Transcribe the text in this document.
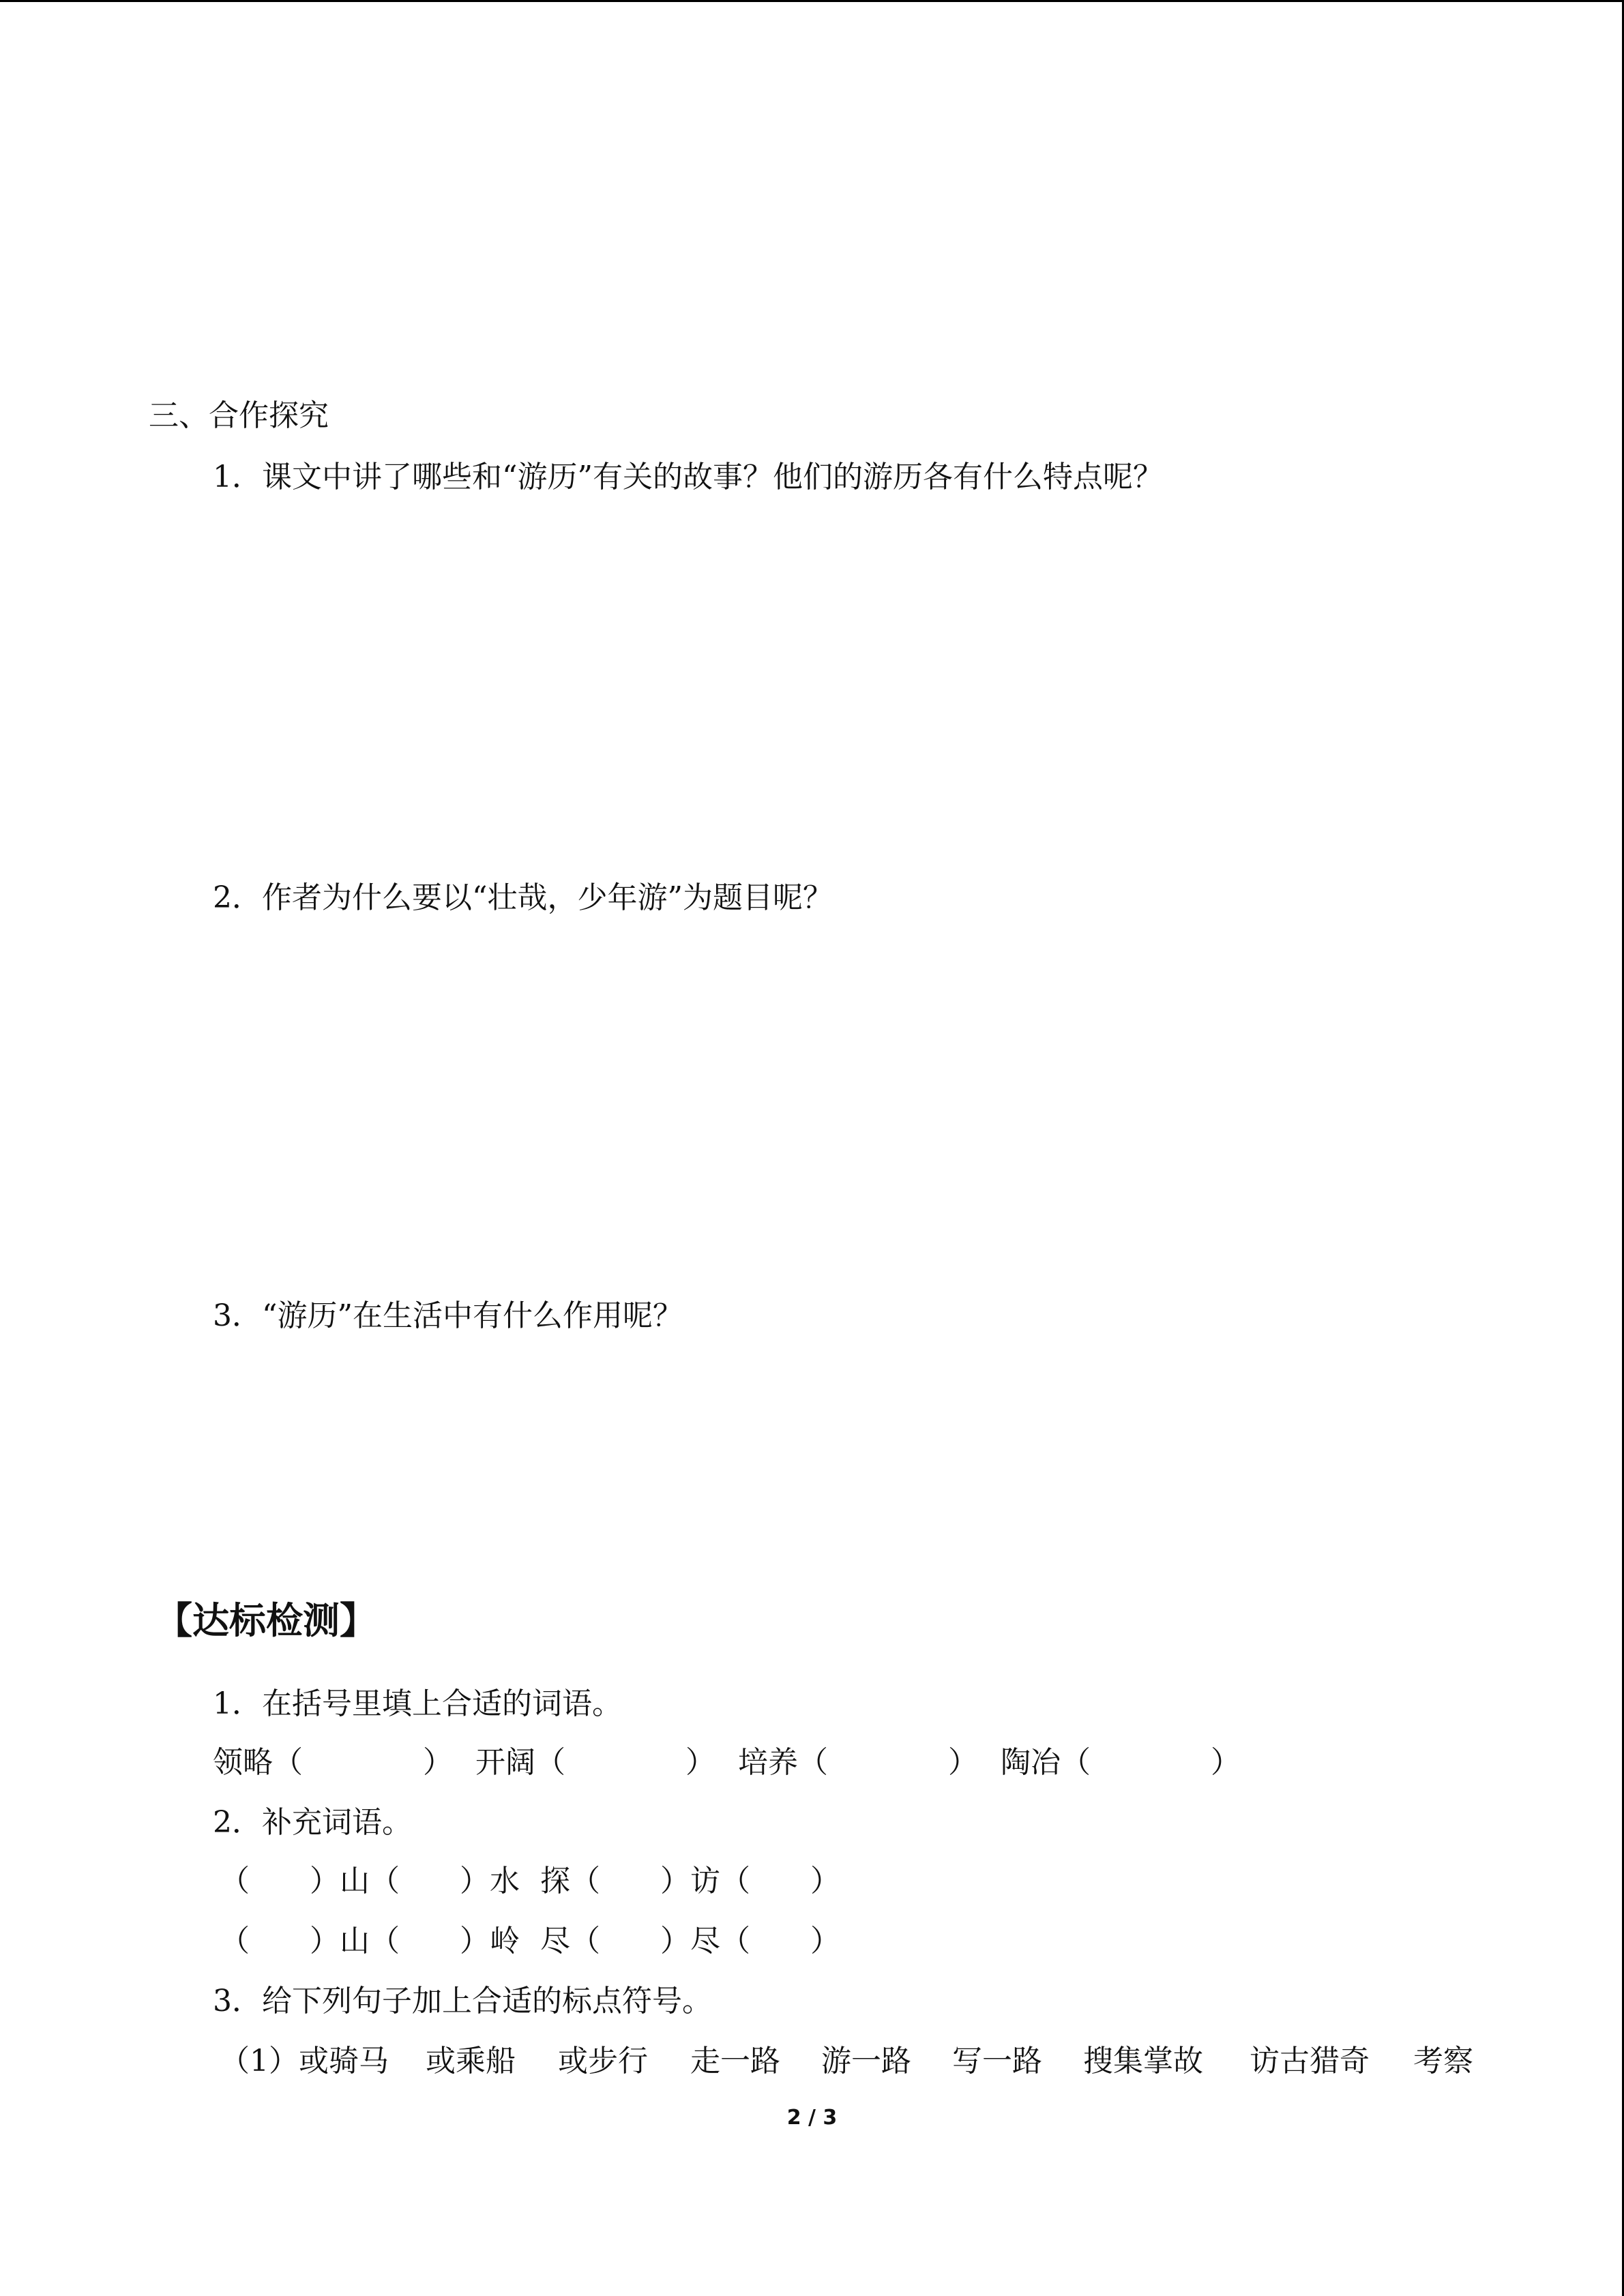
三、合作探究
1．课文中讲了哪些和“游历”有关的故事？他们的游历各有什么特点呢？
2．作者为什么要以“壮哉，少年游”为题目呢？
3．“游历”在生活中有什么作用呢？
【达标检测】
1．在括号里填上合适的词语。
领略（　　　　） 开阔（　　　　） 培养（　　　　） 陶冶（　　　　）
2．补充词语。
（　　）山（　　）水 探（　　）访（　　）
（　　）山（　　）岭 尽（　　）尽（　　）
3．给下列句子加上合适的标点符号。
（1）或骑马 或乘船 或步行 走一路 游一路 写一路 搜集掌故 访古猎奇 考察
2 / 3
